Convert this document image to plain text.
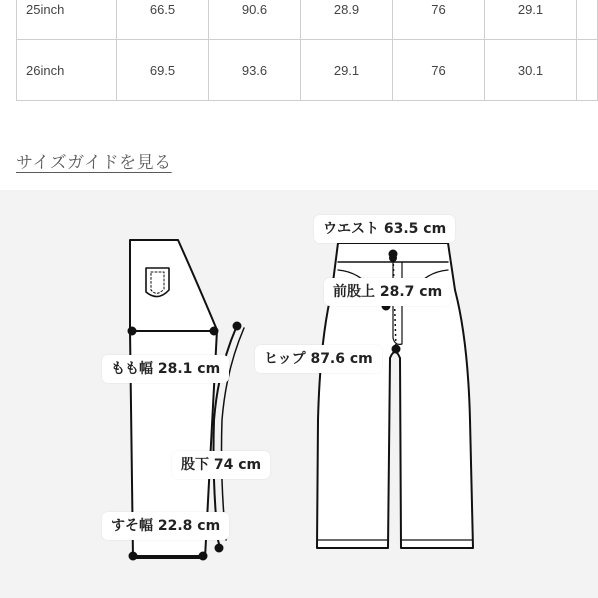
25inch	66.5	90.6	28.9	76	29.1	
26inch	69.5	93.6	29.1	76	30.1	
サイズガイドを見る
ウエスト 63.5 cm
前股上 28.7 cm
ヒップ 87.6 cm
もも幅 28.1 cm
股下 74 cm
すそ幅 22.8 cm
